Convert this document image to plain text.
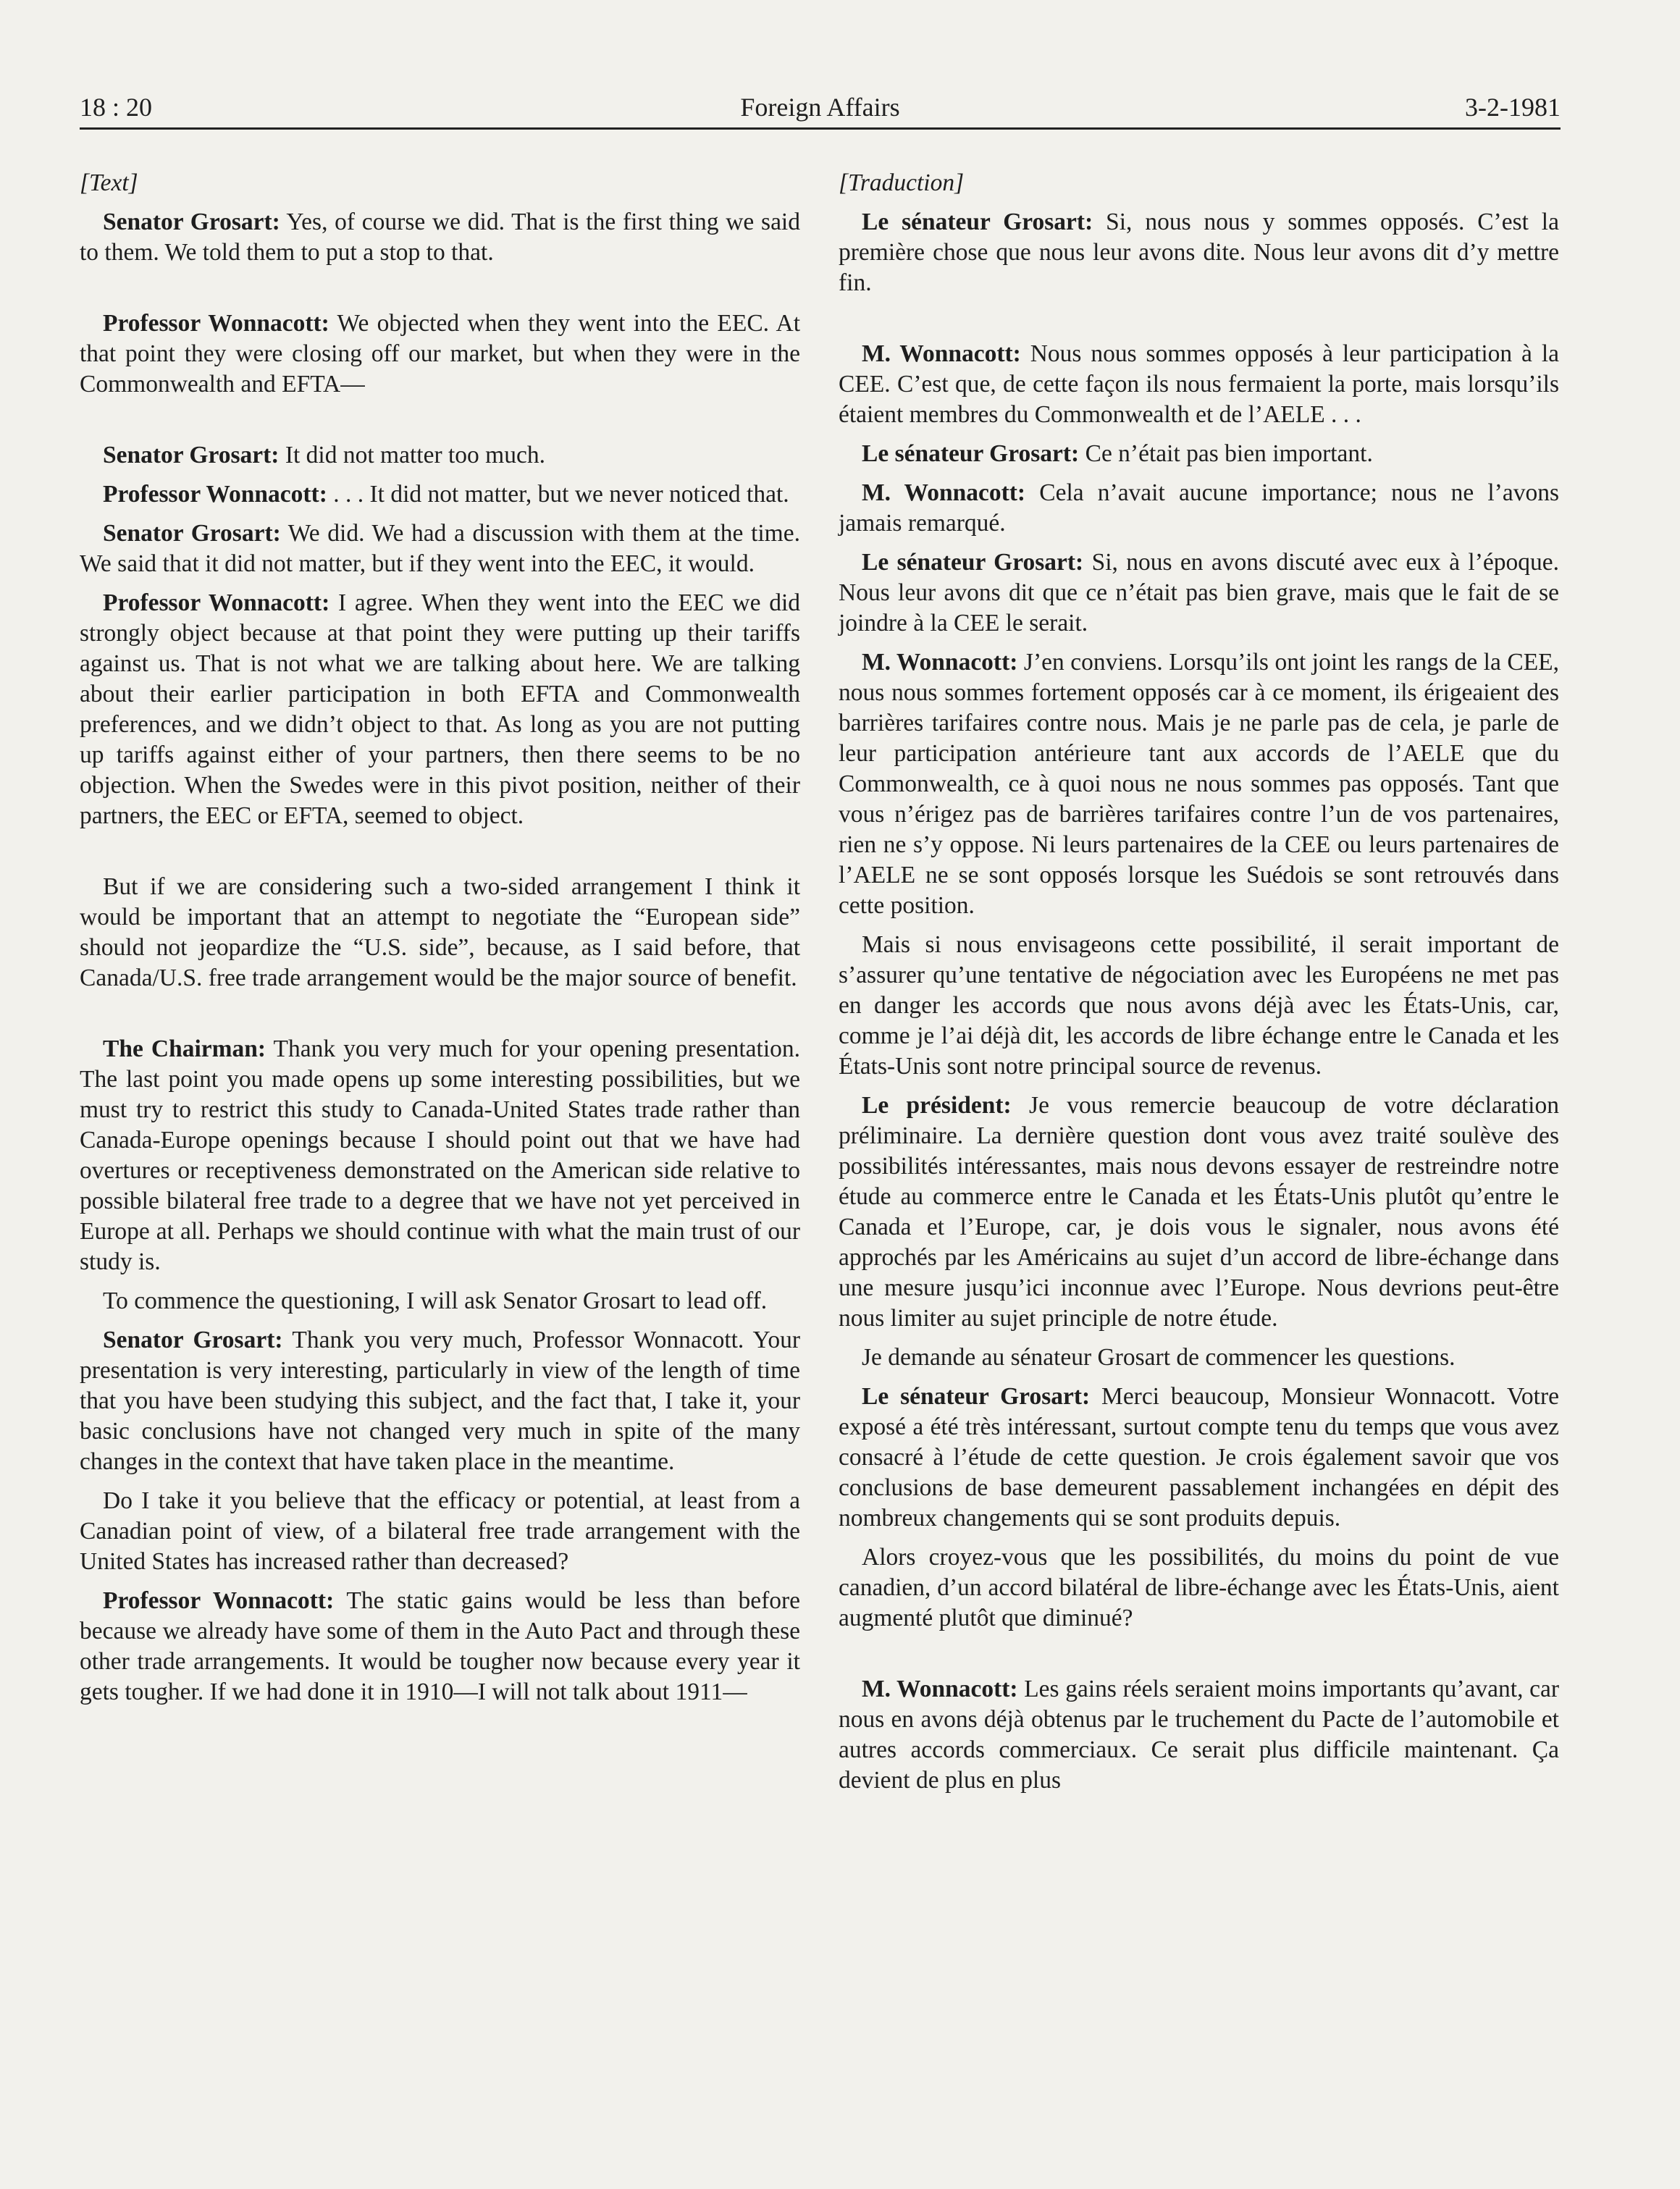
18 : 20	Foreign Affairs	3-2-1981

[Text]

Senator Grosart: Yes, of course we did. That is the first thing we said to them. We told them to put a stop to that.

Professor Wonnacott: We objected when they went into the EEC. At that point they were closing off our market, but when they were in the Commonwealth and EFTA—

Senator Grosart: It did not matter too much.

Professor Wonnacott: . . . It did not matter, but we never noticed that.

Senator Grosart: We did. We had a discussion with them at the time. We said that it did not matter, but if they went into the EEC, it would.

Professor Wonnacott: I agree. When they went into the EEC we did strongly object because at that point they were putting up their tariffs against us. That is not what we are talking about here. We are talking about their earlier participation in both EFTA and Commonwealth preferences, and we didn’t object to that. As long as you are not putting up tariffs against either of your partners, then there seems to be no objection. When the Swedes were in this pivot position, neither of their partners, the EEC or EFTA, seemed to object.

But if we are considering such a two-sided arrangement I think it would be important that an attempt to negotiate the “European side” should not jeopardize the “U.S. side”, because, as I said before, that Canada/U.S. free trade arrangement would be the major source of benefit.

The Chairman: Thank you very much for your opening presentation. The last point you made opens up some interesting possibilities, but we must try to restrict this study to Canada-United States trade rather than Canada-Europe openings because I should point out that we have had overtures or receptiveness demonstrated on the American side relative to possible bilateral free trade to a degree that we have not yet perceived in Europe at all. Perhaps we should continue with what the main trust of our study is.

To commence the questioning, I will ask Senator Grosart to lead off.

Senator Grosart: Thank you very much, Professor Wonnacott. Your presentation is very interesting, particularly in view of the length of time that you have been studying this subject, and the fact that, I take it, your basic conclusions have not changed very much in spite of the many changes in the context that have taken place in the meantime.

Do I take it you believe that the efficacy or potential, at least from a Canadian point of view, of a bilateral free trade arrangement with the United States has increased rather than decreased?

Professor Wonnacott: The static gains would be less than before because we already have some of them in the Auto Pact and through these other trade arrangements. It would be tougher now because every year it gets tougher. If we had done it in 1910—I will not talk about 1911—

[Traduction]

Le sénateur Grosart: Si, nous nous y sommes opposés. C’est la première chose que nous leur avons dite. Nous leur avons dit d’y mettre fin.

M. Wonnacott: Nous nous sommes opposés à leur participation à la CEE. C’est que, de cette façon ils nous fermaient la porte, mais lorsqu’ils étaient membres du Commonwealth et de l’AELE . . .

Le sénateur Grosart: Ce n’était pas bien important.

M. Wonnacott: Cela n’avait aucune importance; nous ne l’avons jamais remarqué.

Le sénateur Grosart: Si, nous en avons discuté avec eux à l’époque. Nous leur avons dit que ce n’était pas bien grave, mais que le fait de se joindre à la CEE le serait.

M. Wonnacott: J’en conviens. Lorsqu’ils ont joint les rangs de la CEE, nous nous sommes fortement opposés car à ce moment, ils érigeaient des barrières tarifaires contre nous. Mais je ne parle pas de cela, je parle de leur participation antérieure tant aux accords de l’AELE que du Commonwealth, ce à quoi nous ne nous sommes pas opposés. Tant que vous n’érigez pas de barrières tarifaires contre l’un de vos partenaires, rien ne s’y oppose. Ni leurs partenaires de la CEE ou leurs partenaires de l’AELE ne se sont opposés lorsque les Suédois se sont retrouvés dans cette position.

Mais si nous envisageons cette possibilité, il serait important de s’assurer qu’une tentative de négociation avec les Européens ne met pas en danger les accords que nous avons déjà avec les États-Unis, car, comme je l’ai déjà dit, les accords de libre échange entre le Canada et les États-Unis sont notre principal source de revenus.

Le président: Je vous remercie beaucoup de votre déclaration préliminaire. La dernière question dont vous avez traité soulève des possibilités intéressantes, mais nous devons essayer de restreindre notre étude au commerce entre le Canada et les États-Unis plutôt qu’entre le Canada et l’Europe, car, je dois vous le signaler, nous avons été approchés par les Américains au sujet d’un accord de libre-échange dans une mesure jusqu’ici inconnue avec l’Europe. Nous devrions peut-être nous limiter au sujet principle de notre étude.

Je demande au sénateur Grosart de commencer les questions.

Le sénateur Grosart: Merci beaucoup, Monsieur Wonnacott. Votre exposé a été très intéressant, surtout compte tenu du temps que vous avez consacré à l’étude de cette question. Je crois également savoir que vos conclusions de base demeurent passablement inchangées en dépit des nombreux changements qui se sont produits depuis.

Alors croyez-vous que les possibilités, du moins du point de vue canadien, d’un accord bilatéral de libre-échange avec les États-Unis, aient augmenté plutôt que diminué?

M. Wonnacott: Les gains réels seraient moins importants qu’avant, car nous en avons déjà obtenus par le truchement du Pacte de l’automobile et autres accords commerciaux. Ce serait plus difficile maintenant. Ça devient de plus en plus
